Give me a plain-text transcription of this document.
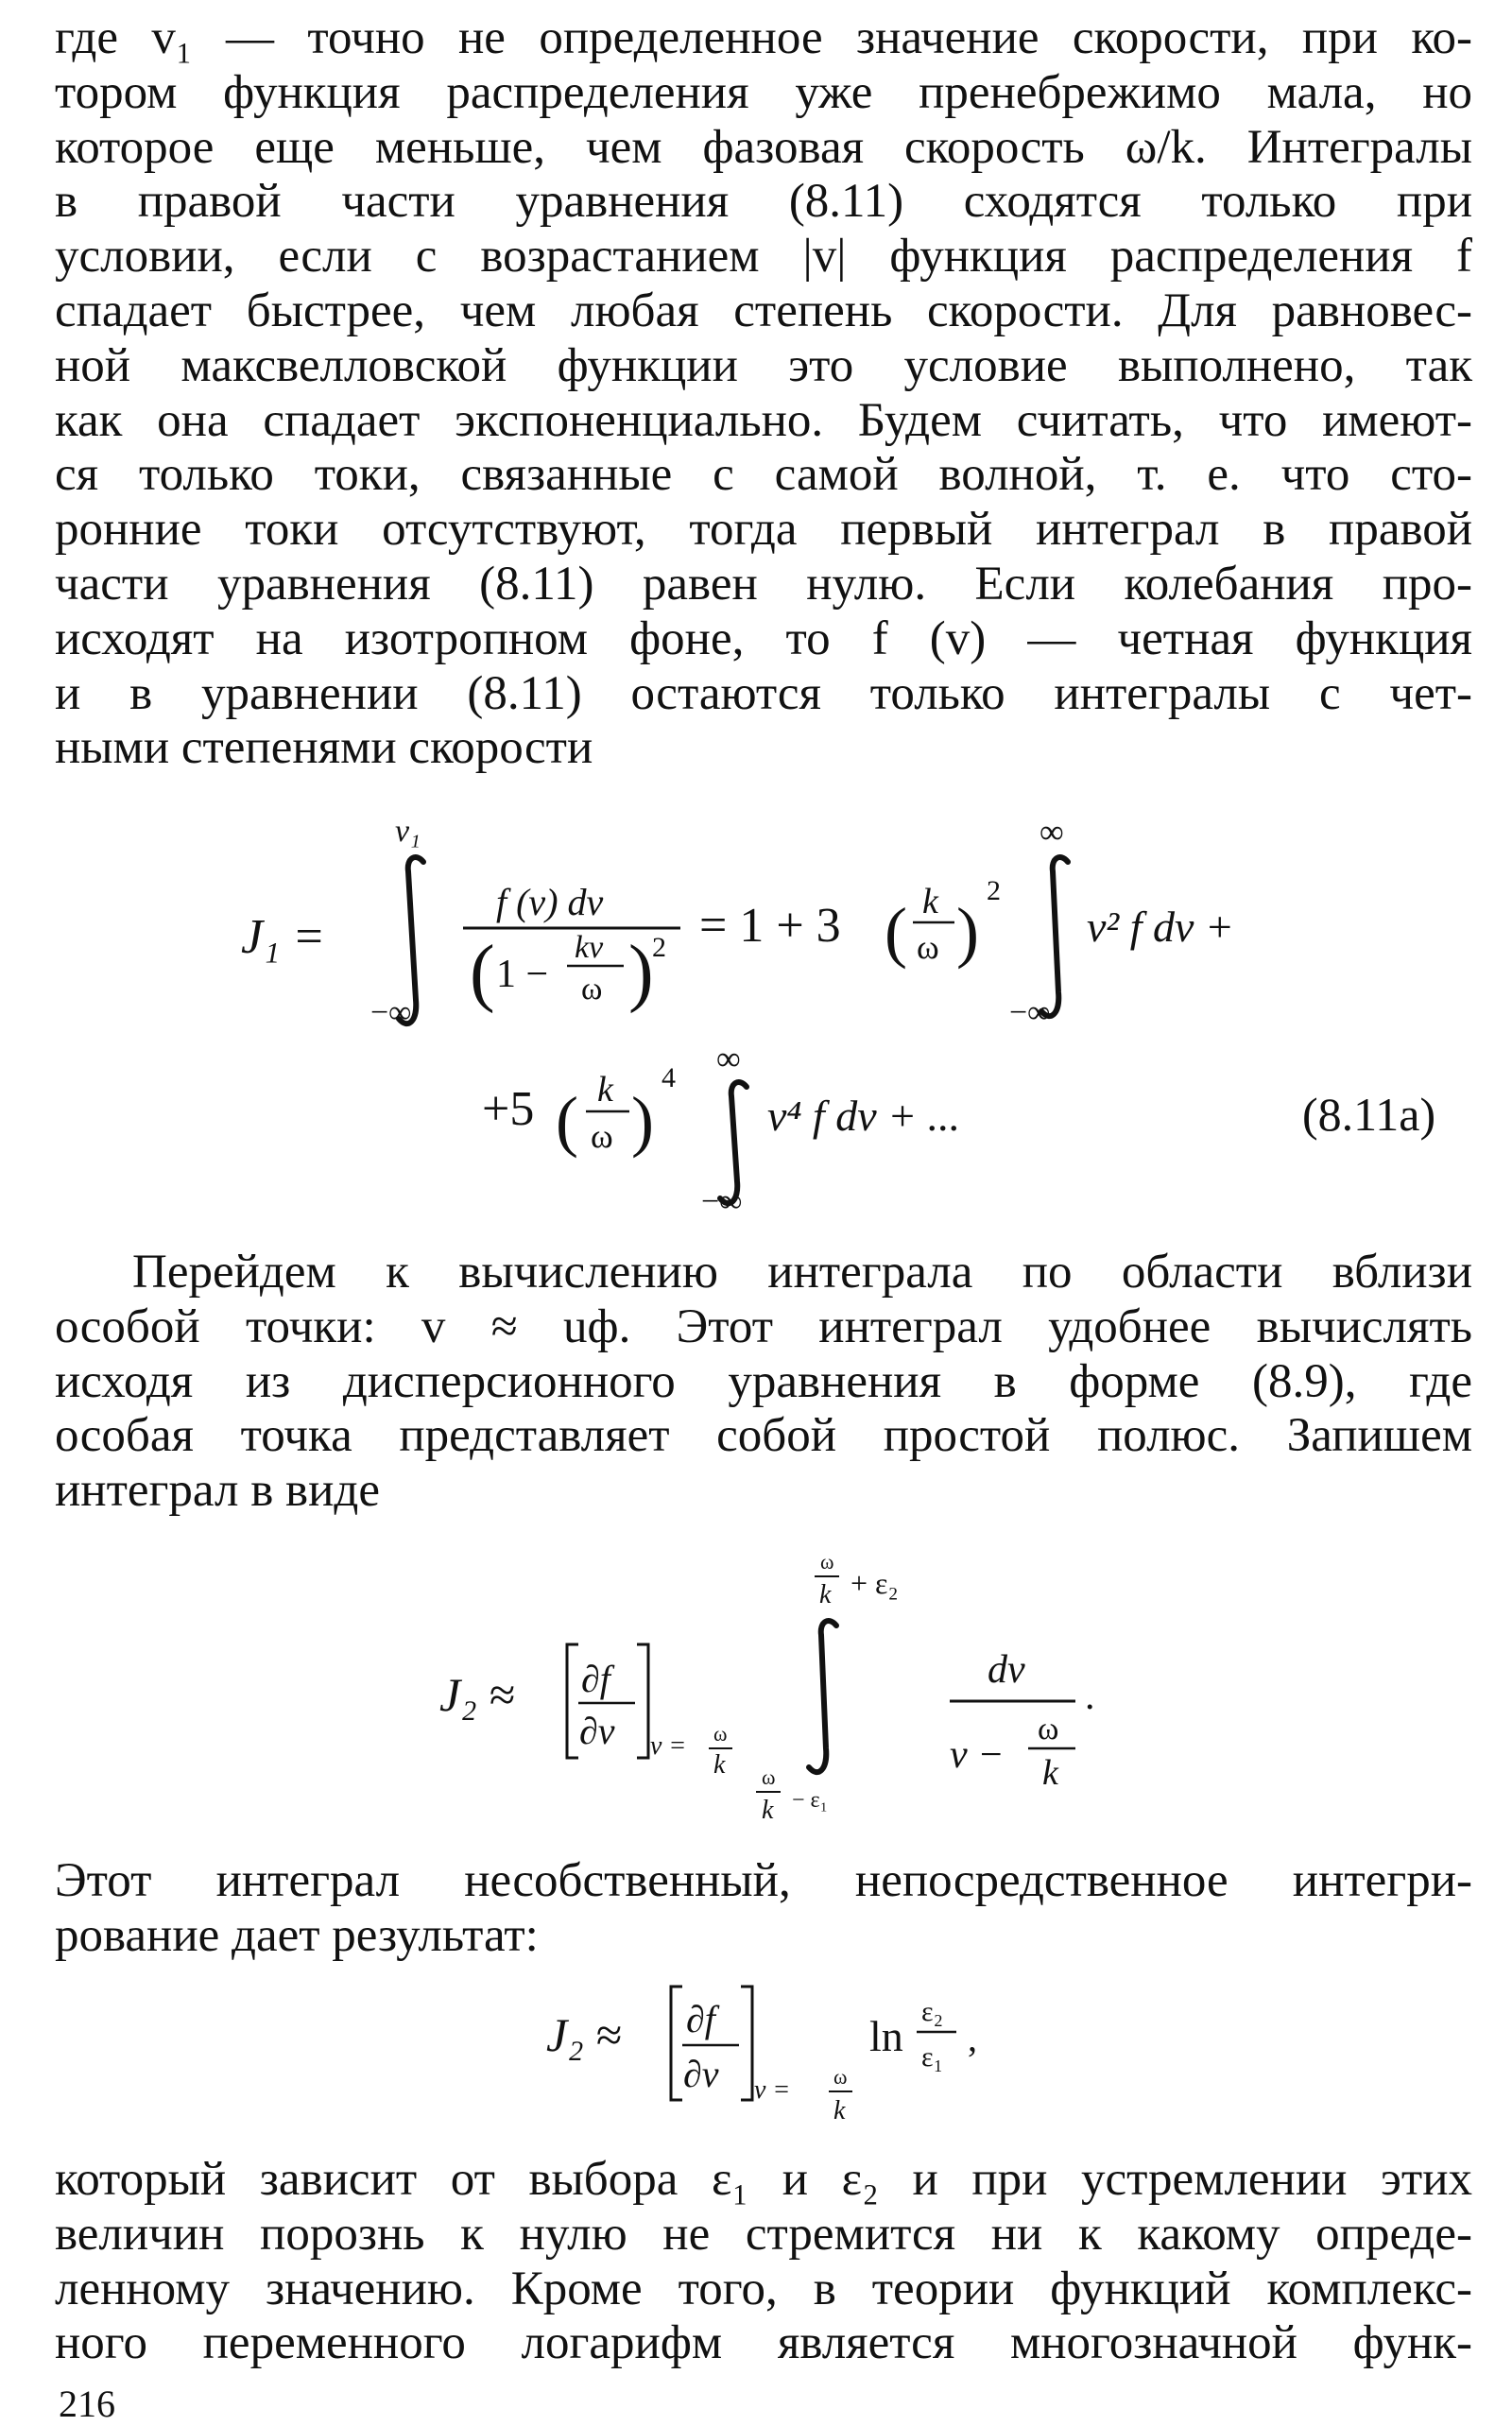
где v₁ — точно не определенное значение скорости, при ко-
тором функция распределения уже пренебрежимо мала, но
которое еще меньше, чем фазовая скорость ω/k. Интегралы
в правой части уравнения (8.11) сходятся только при
условии, если с возрастанием |v| функция распределения f
спадает быстрее, чем любая степень скорости. Для равновес-
ной максвелловской функции это условие выполнено, так
как она спадает экспоненциально. Будем считать, что имеют-
ся только токи, связанные с самой волной, т. е. что сто-
ронние токи отсутствуют, тогда первый интеграл в правой
части уравнения (8.11) равен нулю. Если колебания про-
исходят на изотропном фоне, то f (v) — четная функция
и в уравнении (8.11) остаются только интегралы с чет-
ными степенями скорости
J₁ =
v₁
−∞
f (v) dv
( 1 −
kv
ω )
2 = 1 + 3 ( k
ω )
2
∞
−∞
v² f dv +
+5 ( k
ω )
4
∞
−∞
v⁴ f dv + ...	(8.11a)
Перейдем к вычислению интеграла по области вблизи
особой точки: v ≈ uф. Этот интеграл удобнее вычислять
исходя из дисперсионного уравнения в форме (8.9), где
особая точка представляет собой простой полюс. Запишем
интеграл в виде
J₂ ≈ ∂f
∂v v = ω
k
ω
k + ε₂
ω
k − ε₁
dv
v −
ω
k
.
Этот интеграл несобственный, непосредственное интегри-
рование дает результат:
J₂ ≈ ∂f
∂v v = ω
k
ln
ε₂
ε₁ ,
который зависит от выбора ε₁ и ε₂ и при устремлении этих
величин порознь к нулю не стремится ни к какому опреде-
ленному значению. Кроме того, в теории функций комплекс-
ного переменного логарифм является многозначной функ-
216
